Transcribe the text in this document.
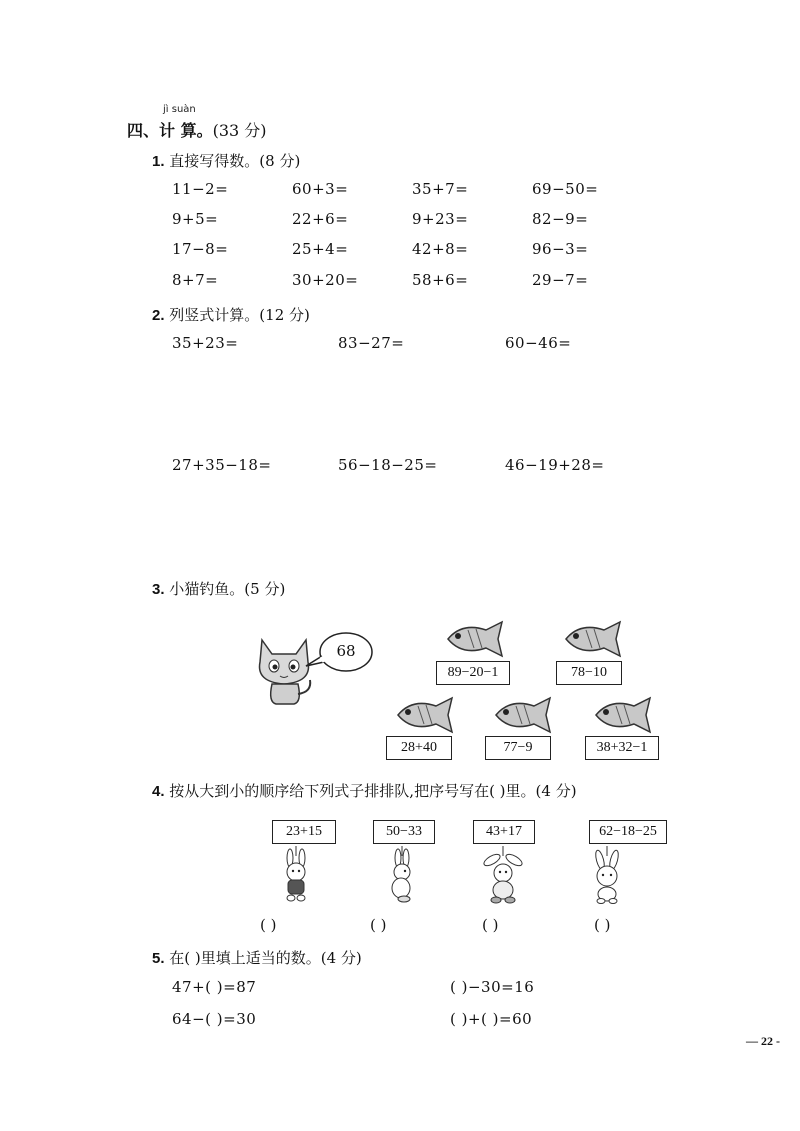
jì suàn
四、计 算。(33 分)
1. 直接写得数。(8 分)
11−2=	60+3=	35+7=	69−50=
9+5=	22+6=	9+23=	82−9=
17−8=	25+4=	42+8=	96−3=
8+7=	30+20=	58+6=	29−7=
2. 列竖式计算。(12 分)
35+23=	83−27=	60−46=
27+35−18=	56−18−25=	46−19+28=
3. 小猫钓鱼。(5 分)
68
89−20−1	78−10
28+40	77−9	38+32−1
4. 按从大到小的顺序给下列式子排排队,把序号写在( )里。(4 分)
23+15	50−33	43+17	62−18−25
( )	( )	( )	( )
5. 在( )里填上适当的数。(4 分)
47+( )=87	( )−30=16
64−( )=30	( )+( )=60
— 22 -
